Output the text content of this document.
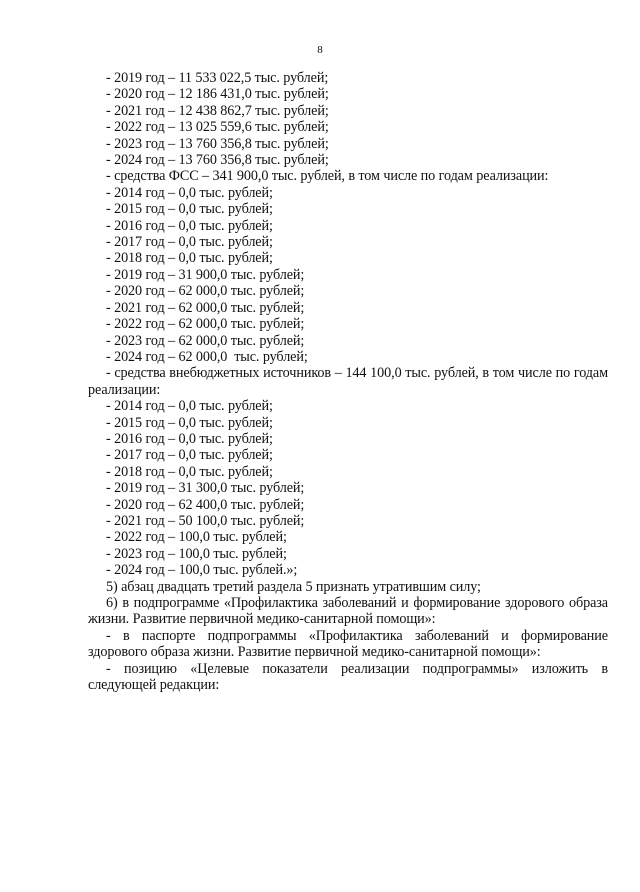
8
- 2019 год – 11 533 022,5 тыс. рублей;
- 2020 год – 12 186 431,0 тыс. рублей;
- 2021 год – 12 438 862,7 тыс. рублей;
- 2022 год – 13 025 559,6 тыс. рублей;
- 2023 год – 13 760 356,8 тыс. рублей;
- 2024 год – 13 760 356,8 тыс. рублей;
- средства ФСС – 341 900,0 тыс. рублей, в том числе по годам реализации:
- 2014 год – 0,0 тыс. рублей;
- 2015 год – 0,0 тыс. рублей;
- 2016 год – 0,0 тыс. рублей;
- 2017 год – 0,0 тыс. рублей;
- 2018 год – 0,0 тыс. рублей;
- 2019 год – 31 900,0 тыс. рублей;
- 2020 год – 62 000,0 тыс. рублей;
- 2021 год – 62 000,0 тыс. рублей;
- 2022 год – 62 000,0 тыс. рублей;
- 2023 год – 62 000,0 тыс. рублей;
- 2024 год – 62 000,0  тыс. рублей;
- средства внебюджетных источников – 144 100,0 тыс. рублей, в том числе по годам реализации:
- 2014 год – 0,0 тыс. рублей;
- 2015 год – 0,0 тыс. рублей;
- 2016 год – 0,0 тыс. рублей;
- 2017 год – 0,0 тыс. рублей;
- 2018 год – 0,0 тыс. рублей;
- 2019 год – 31 300,0 тыс. рублей;
- 2020 год – 62 400,0 тыс. рублей;
- 2021 год – 50 100,0 тыс. рублей;
- 2022 год – 100,0 тыс. рублей;
- 2023 год – 100,0 тыс. рублей;
- 2024 год – 100,0 тыс. рублей.»;
5) абзац двадцать третий раздела 5 признать утратившим силу;
6) в подпрограмме «Профилактика заболеваний и формирование здорового образа жизни. Развитие первичной медико-санитарной помощи»:
- в паспорте подпрограммы «Профилактика заболеваний и формирование здорового образа жизни. Развитие первичной медико-санитарной помощи»:
- позицию «Целевые показатели реализации подпрограммы» изложить в следующей редакции:
